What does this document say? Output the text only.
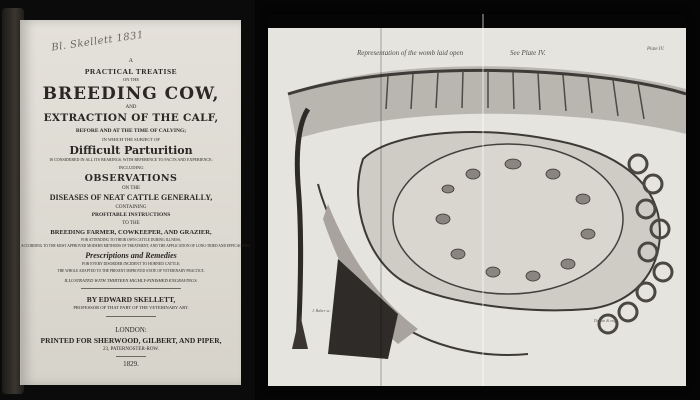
Bl. Skellett 1831
A
PRACTICAL TREATISE
ON THE
BREEDING COW,
AND
EXTRACTION OF THE CALF,
BEFORE AND AT THE TIME OF CALVING;
IN WHICH THE SUBJECT OF
Difficult Parturition
IS CONSIDERED IN ALL ITS BEARINGS, WITH REFERENCE TO FACTS AND EXPERIENCE;
INCLUDING
OBSERVATIONS
ON THE
DISEASES OF NEAT CATTLE GENERALLY,
CONTAINING
PROFITABLE INSTRUCTIONS
TO THE
BREEDING FARMER, COWKEEPER, AND GRAZIER,
FOR ATTENDING TO THEIR OWN CATTLE DURING ILLNESS,
ACCORDING TO THE MOST APPROVED MODERN METHODS OF TREATMENT, AND THE APPLICATION OF LONG-TRIED AND EFFICACIOUS
Prescriptions and Remedies
FOR EVERY DISORDER INCIDENT TO HORNED CATTLE;
THE WHOLE ADAPTED TO THE PRESENT IMPROVED STATE OF VETERINARY PRACTICE.
ILLUSTRATED WITH THIRTEEN HIGHLY-FINISHED ENGRAVINGS.
BY EDWARD SKELLETT,
PROFESSOR OF THAT PART OF THE VETERINARY ART.
LONDON:
PRINTED FOR SHERWOOD, GILBERT, AND PIPER,
23, PATERNOSTER-ROW.
1829.
Representation of the womb laid open	See Plate IV.	Plate IV.
J. Baker sc.
Drawn & eng.
